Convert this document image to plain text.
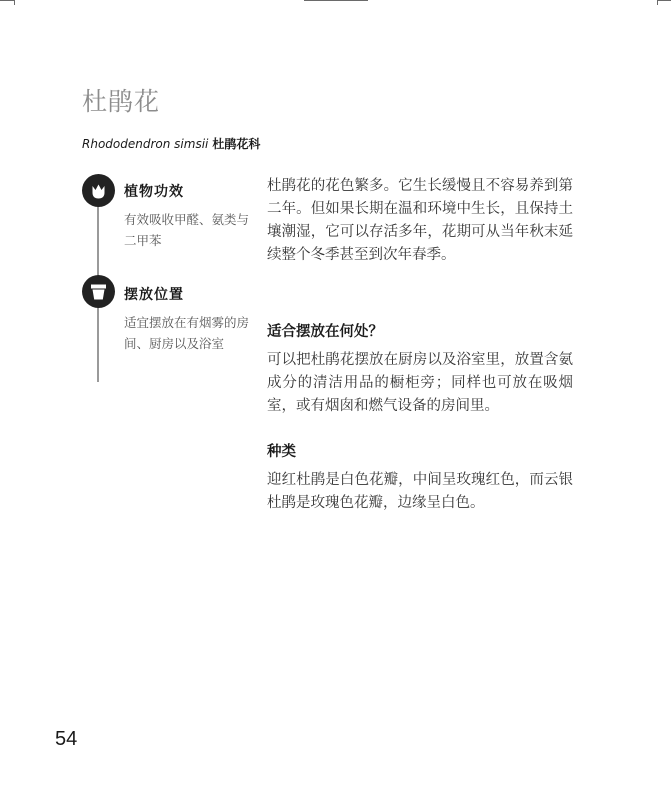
杜鹃花
Rhododendron simsii 杜鹃花科
植物功效
有效吸收甲醛、氨类与二甲苯
摆放位置
适宜摆放在有烟雾的房间、厨房以及浴室

杜鹃花的花色繁多。它生长缓慢且不容易养到第二年。但如果长期在温和环境中生长，且保持土壤潮湿，它可以存活多年，花期可从当年秋末延续整个冬季甚至到次年春季。

适合摆放在何处？

可以把杜鹃花摆放在厨房以及浴室里，放置含氨成分的清洁用品的橱柜旁；同样也可放在吸烟室，或有烟囱和燃气设备的房间里。

种类

迎红杜鹃是白色花瓣，中间呈玫瑰红色，而云银杜鹃是玫瑰色花瓣，边缘呈白色。

54
